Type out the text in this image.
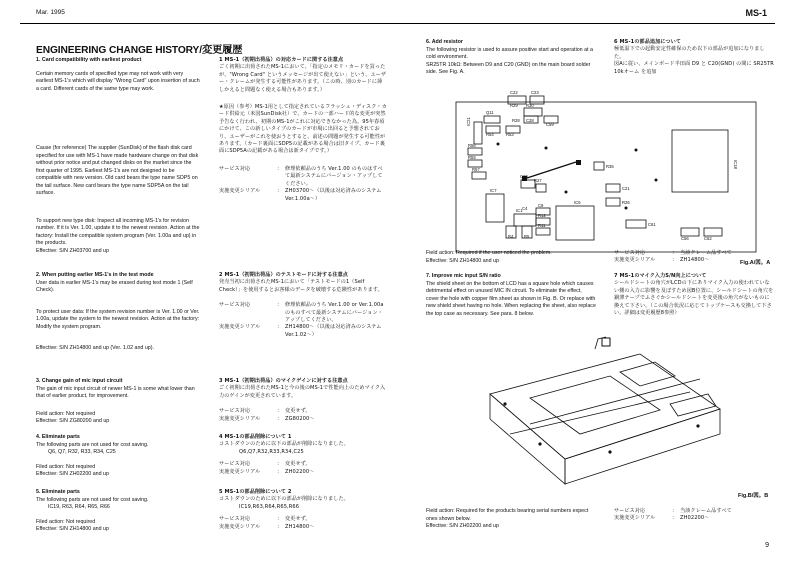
Mar. 1995	MS-1
ENGINEERING CHANGE HISTORY/変更履歴

1. Card compatibility with earliest product

Certain memory cards of specified type may not work with very earliest MS-1's which will display "Wrong Card" upon insertion of such a card. Different cards of the same type may work.

Cause (for reference) The supplier (SunDisk) of the flash disk card specified for use with MS-1 have made hardware change on that disk without prior notice and put changed disks on the market since the first quarter of 1995. Earliest MS-1's are not designed to be compatible with new version. Old card bears the type name SDP5 on the tail surface. New card bears the type name SDP5A on the tail surface.

To support new type disk: Inspect all incoming MS-1's for revision number. If it is Ver. 1.00, update it to the newest revision. Action at the factory: Install the compatible system program (Ver. 1.00a and up) in the products.

Effective: S/N ZH03700 and up

2. When putting earlier MS-1's in the test mode

User data in earlier MS-1's may be erased during test mode 1 (Self Check).

To protect user data: If the system revision number is Ver. 1.00 or Ver. 1.00a, update the system to the newest revision. Action at the factory: Modify the system program.

Effective: S/N ZH14800 and up (Ver. 1.02 and up).

3. Change gain of mic input circuit

The gain of mic input circuit of newer MS-1 is some what lower than that of earlier product, for improvement.

Field action: Not required

Effective: S/N ZG80200 and up

4. Eliminate parts

The following parts are not used for cost saving.

Q6, Q7, R32, R33, R34, C25

Filed action: Not required

Effective: S/N ZH02200 and up

5. Eliminate parts

The following parts are not used for cost saving.

IC19, R63, R64, R65, R66

Filed action: Not required

Effective: S/N ZH14800 and up

1 MS-1（初期出荷品）の対応カードに関する注意点

ごく初期に出荷されたMS-1において、「指定のメモリ・カードを買ったが、"Wrong Card" というメッセージが出て使えない」という、ユーザー・クレームが発生する可能性があります。（この時、別のカードに挿しかえると問題なく使える場合もあります。）

★原因（参考）MS-1用として指定されているフラッシュ・ディスク・カード供給元（米国SunDisk社）で、カードの一部ハード的な変更が突然予告なく行われ、初期のMS-1がこれに対応できなかった為。95年春頃にかけて、この新しいタイプのカードが市場に出回ると予想されており、ユーザーがこれを使おうとすると、前述の問題が発生する可能性があります。（カード裏面にSDP5の記載がある場合は旧タイプ、カード裏面にSDP5Aの記載がある場合は新タイプです。）

サービス対応	： 修理依頼品のうち Ver.1.00 のものはすべて最新システムにバージョン・アップしてください。
実施変更シリアル	： ZH03700～（以後は対応済みのシステム Ver.1.00a～）

2 MS-1（初期出荷品）のテストモードに対する注意点

発売当初に出荷されたMS-1において「テストモードの1（Self Check）」を使用するとお客様のデータを破壊する危険性があります。

サービス対応	： 修理依頼品のうち Ver.1.00 or Ver.1.00a のものすべて最新システムにバージョン・アップしてください。
実施変更シリアル	： ZH14800～（以後は対応済みのシステム Ver.1.02～）

3 MS-1（初期出荷品）のマイクゲインに対する注意点

ごく初期に出荷されたMS-1と今の後のMS-1で性能向上のためマイク入力のゲインが変更されています。

サービス対応	： 変更せず。
実施変更シリアル	： ZG80200～

4 MS-1の部品削除について 1

コストダウンのために以下の部品が削除になりました。

Q6,Q7,R32,R33,R34,C25

サービス対応	： 変更せず。
実施変更シリアル	： ZH02200～

5 MS-1の部品削除について 2

コストダウンのために以下の部品が削除になりました。

IC19,R63,R64,R65,R66

サービス対応	： 変更せず。
実施変更シリアル	： ZH14800～

6. Add resistor

The following resistor is used to assure positive start and operation at a cold environment.

SR25TR 10kΩ: Between D9 and C20 (GND) on the main board solder side. See Fig. A.

6 MS-1の部品追加について

極低温下での起動安定性確保のため以下の部品が追加になりました。

図Aに従い、メインボード半田面 D9 と C20(GND) の間に SR25TR 10kオーム を追加

C22	C23
R30
R29
C28
Q11
R28
C59
R54	R53
R56
R55
R57
C20
R27
R35
C21
R26
C9
R12
R11
C4
R4	R5
C61
C56	C62
IC18
IC21
IC7
IC1
IC6

Field action: Required if the user noticed the problem.

Effective: S/N ZH14800 and up

サービス対応	： 当該クレーム品すべて
実施変更シリアル	： ZH14800～	Fig.A/図。A

7. Improve mic input S/N ratio

The shield sheet on the bottom of LCD has a square hole which causes detrimental effect on unused MIC IN circuit. To eliminate the effect, cover the hole with copper film sheet as shown in Fig. B. Or replace with new shield sheet having no hole. When replacing the sheet, also replace the top case as necessary. See para. 8 below.

7 MS-1のマイク入力S/N向上について

シールドシートの角穴がLCDの下にありマイク入力の使われていない側の入力に影響を及ぼすため図B位置に、シールドシートの角穴を銅薄テープでふさぐかシールドシートを変更後の角穴がないものに換えて下さい。（この場合状況に応じてトップケースも交換して下さい。詳細は変更履歴8参照）

Fig.B/図。B

Field action: Required for the products bearing serial numbers expect ones shown below.

Effective: S/N ZH02200 and up

サービス対応	： 当該クレーム品すべて
実施変更シリアル	： ZH02200～
9
